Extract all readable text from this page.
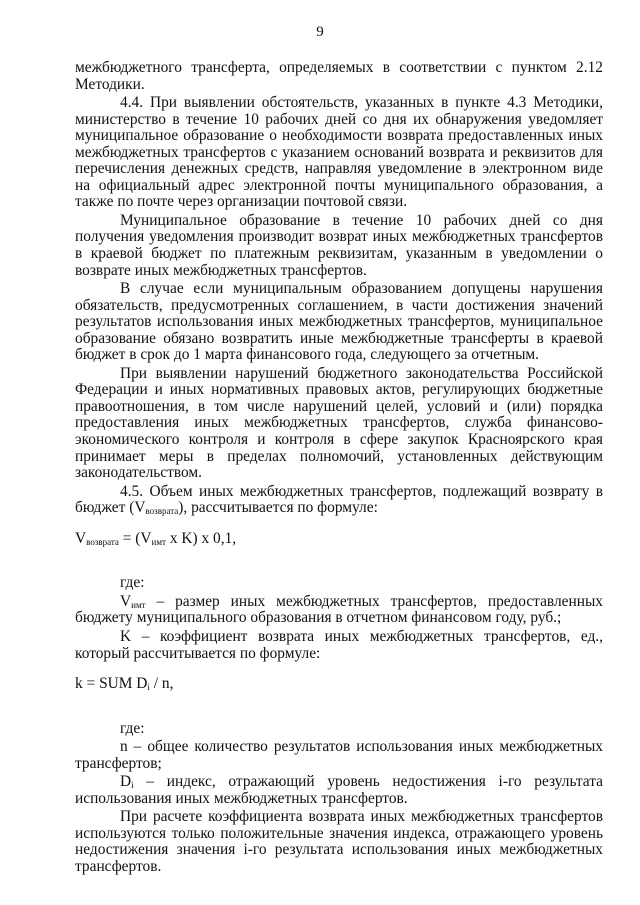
9

межбюджетного трансферта, определяемых в соответствии с пунктом 2.12 Методики.

4.4. При выявлении обстоятельств, указанных в пункте 4.3 Методики, министерство в течение 10 рабочих дней со дня их обнаружения уведомляет муниципальное образование о необходимости возврата предоставленных иных межбюджетных трансфертов с указанием оснований возврата и реквизитов для перечисления денежных средств, направляя уведомление в электронном виде на официальный адрес электронной почты муниципального образования, а также по почте через организации почтовой связи.

Муниципальное образование в течение 10 рабочих дней со дня получения уведомления производит возврат иных межбюджетных трансфертов в краевой бюджет по платежным реквизитам, указанным в уведомлении о возврате иных межбюджетных трансфертов.

В случае если муниципальным образованием допущены нарушения обязательств, предусмотренных соглашением, в части достижения значений результатов использования иных межбюджетных трансфертов, муниципальное образование обязано возвратить иные межбюджетные трансферты в краевой бюджет в срок до 1 марта финансового года, следующего за отчетным.

При выявлении нарушений бюджетного законодательства Российской Федерации и иных нормативных правовых актов, регулирующих бюджетные правоотношения, в том числе нарушений целей, условий и (или) порядка предоставления иных межбюджетных трансфертов, служба финансово-экономического контроля и контроля в сфере закупок Красноярского края принимает меры в пределах полномочий, установленных действующим законодательством.

4.5. Объем иных межбюджетных трансфертов, подлежащий возврату в бюджет $(V_{возврата})$, рассчитывается по формуле:

$V_{возврата} = (V_{имт}$ x K) x 0,1,

где:

$V_{имт}$ – размер иных межбюджетных трансфертов, предоставленных бюджету муниципального образования в отчетном финансовом году, руб.;

K – коэффициент возврата иных межбюджетных трансфертов, ед., который рассчитывается по формуле:

k = SUM $D_i$ / n,

где:

n – общее количество результатов использования иных межбюджетных трансфертов;

$D_i$ – индекс, отражающий уровень недостижения i-го результата использования иных межбюджетных трансфертов.

При расчете коэффициента возврата иных межбюджетных трансфертов используются только положительные значения индекса, отражающего уровень недостижения значения i-го результата использования иных межбюджетных трансфертов.
